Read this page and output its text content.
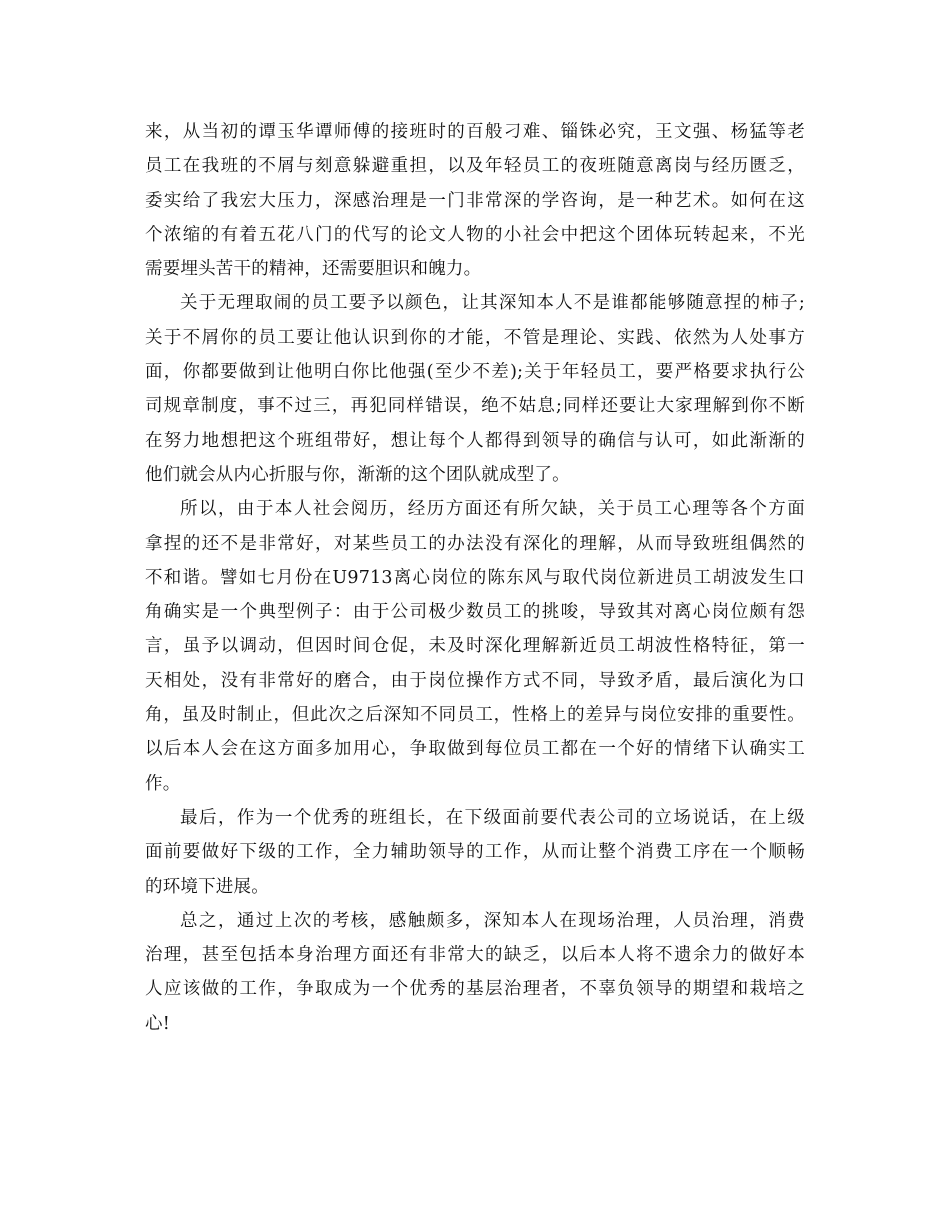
来，从当初的谭玉华谭师傅的接班时的百般刁难、锱铢必究，王文强、杨猛等老
员工在我班的不屑与刻意躲避重担，以及年轻员工的夜班随意离岗与经历匮乏，
委实给了我宏大压力，深感治理是一门非常深的学咨询，是一种艺术。如何在这
个浓缩的有着五花八门的代写的论文人物的小社会中把这个团体玩转起来，不光
需要埋头苦干的精神，还需要胆识和魄力。
关于无理取闹的员工要予以颜色，让其深知本人不是谁都能够随意捏的柿子;
关于不屑你的员工要让他认识到你的才能，不管是理论、实践、依然为人处事方
面，你都要做到让他明白你比他强(至少不差);关于年轻员工，要严格要求执行公
司规章制度，事不过三，再犯同样错误，绝不姑息;同样还要让大家理解到你不断
在努力地想把这个班组带好，想让每个人都得到领导的确信与认可，如此渐渐的
他们就会从内心折服与你，渐渐的这个团队就成型了。
所以，由于本人社会阅历，经历方面还有所欠缺，关于员工心理等各个方面
拿捏的还不是非常好，对某些员工的办法没有深化的理解，从而导致班组偶然的
不和谐。譬如七月份在U9713离心岗位的陈东风与取代岗位新进员工胡波发生口
角确实是一个典型例子：由于公司极少数员工的挑唆，导致其对离心岗位颇有怨
言，虽予以调动，但因时间仓促，未及时深化理解新近员工胡波性格特征，第一
天相处，没有非常好的磨合，由于岗位操作方式不同，导致矛盾，最后演化为口
角，虽及时制止，但此次之后深知不同员工，性格上的差异与岗位安排的重要性。
以后本人会在这方面多加用心，争取做到每位员工都在一个好的情绪下认确实工
作。
最后，作为一个优秀的班组长，在下级面前要代表公司的立场说话，在上级
面前要做好下级的工作，全力辅助领导的工作，从而让整个消费工序在一个顺畅
的环境下进展。
总之，通过上次的考核，感触颇多，深知本人在现场治理，人员治理，消费
治理，甚至包括本身治理方面还有非常大的缺乏，以后本人将不遗余力的做好本
人应该做的工作，争取成为一个优秀的基层治理者，不辜负领导的期望和栽培之
心!
